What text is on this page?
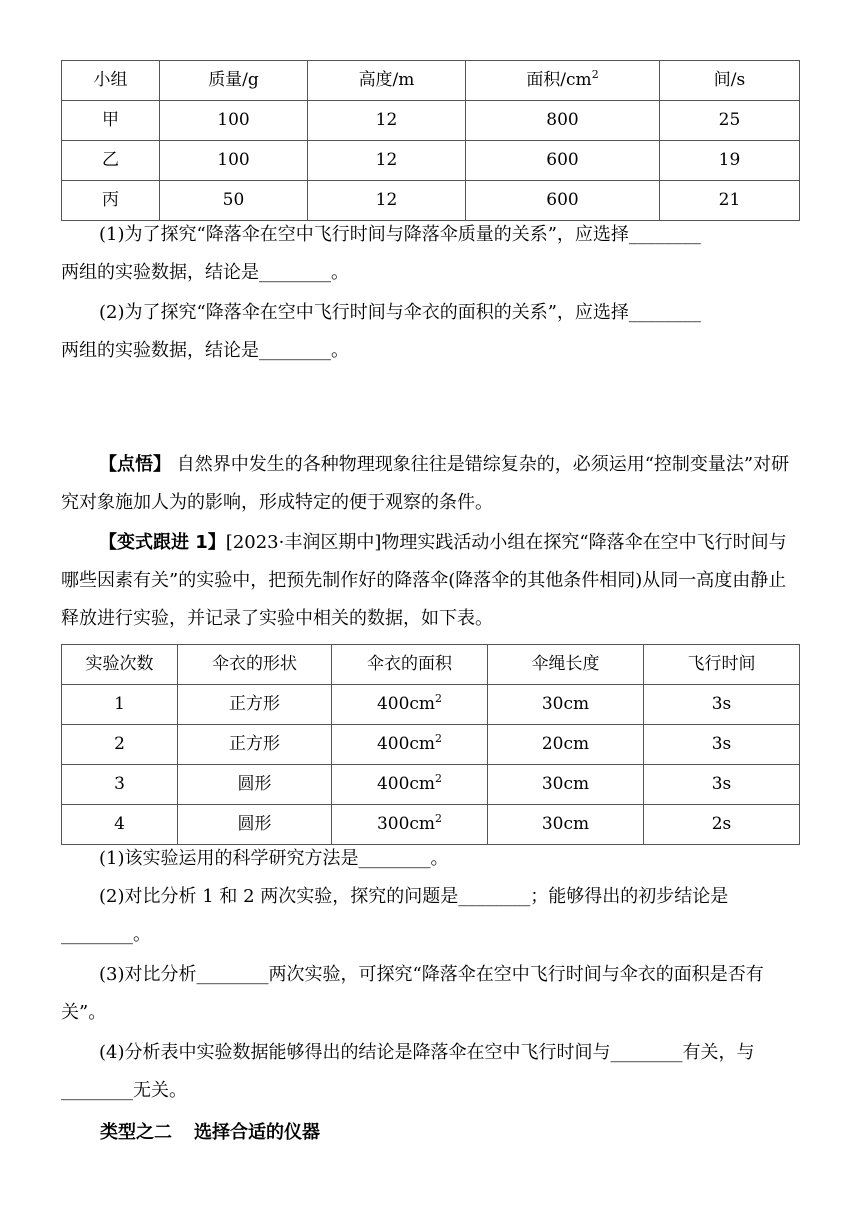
小组	质量/g	高度/m	面积$/cm^2$	间/s
甲	100	12	800	25
乙	100	12	600	19
丙	50	12	600	21
(1)为了探究“降落伞在空中飞行时间与降落伞质量的关系”，应选择________
两组的实验数据，结论是________。
(2)为了探究“降落伞在空中飞行时间与伞衣的面积的关系”，应选择________
两组的实验数据，结论是________。
【点悟】 自然界中发生的各种物理现象往往是错综复杂的，必须运用“控制变量法”对研究对象施加人为的影响，形成特定的便于观察的条件。
【变式跟进 1】[2023·丰润区期中]物理实践活动小组在探究“降落伞在空中飞行时间与哪些因素有关”的实验中，把预先制作好的降落伞(降落伞的其他条件相同)从同一高度由静止释放进行实验，并记录了实验中相关的数据，如下表。
实验次数	伞衣的形状	伞衣的面积	伞绳长度	飞行时间
1	正方形	$400cm^2$	30cm	3s
2	正方形	$400cm^2$	20cm	3s
3	圆形	$400cm^2$	30cm	3s
4	圆形	$300cm^2$	30cm	2s
(1)该实验运用的科学研究方法是________。
(2)对比分析 1 和 2 两次实验，探究的问题是________；能够得出的初步结论是________。
(3)对比分析________两次实验，可探究“降落伞在空中飞行时间与伞衣的面积是否有关”。
(4)分析表中实验数据能够得出的结论是降落伞在空中飞行时间与________有关，与________无关。
类型之二 选择合适的仪器
